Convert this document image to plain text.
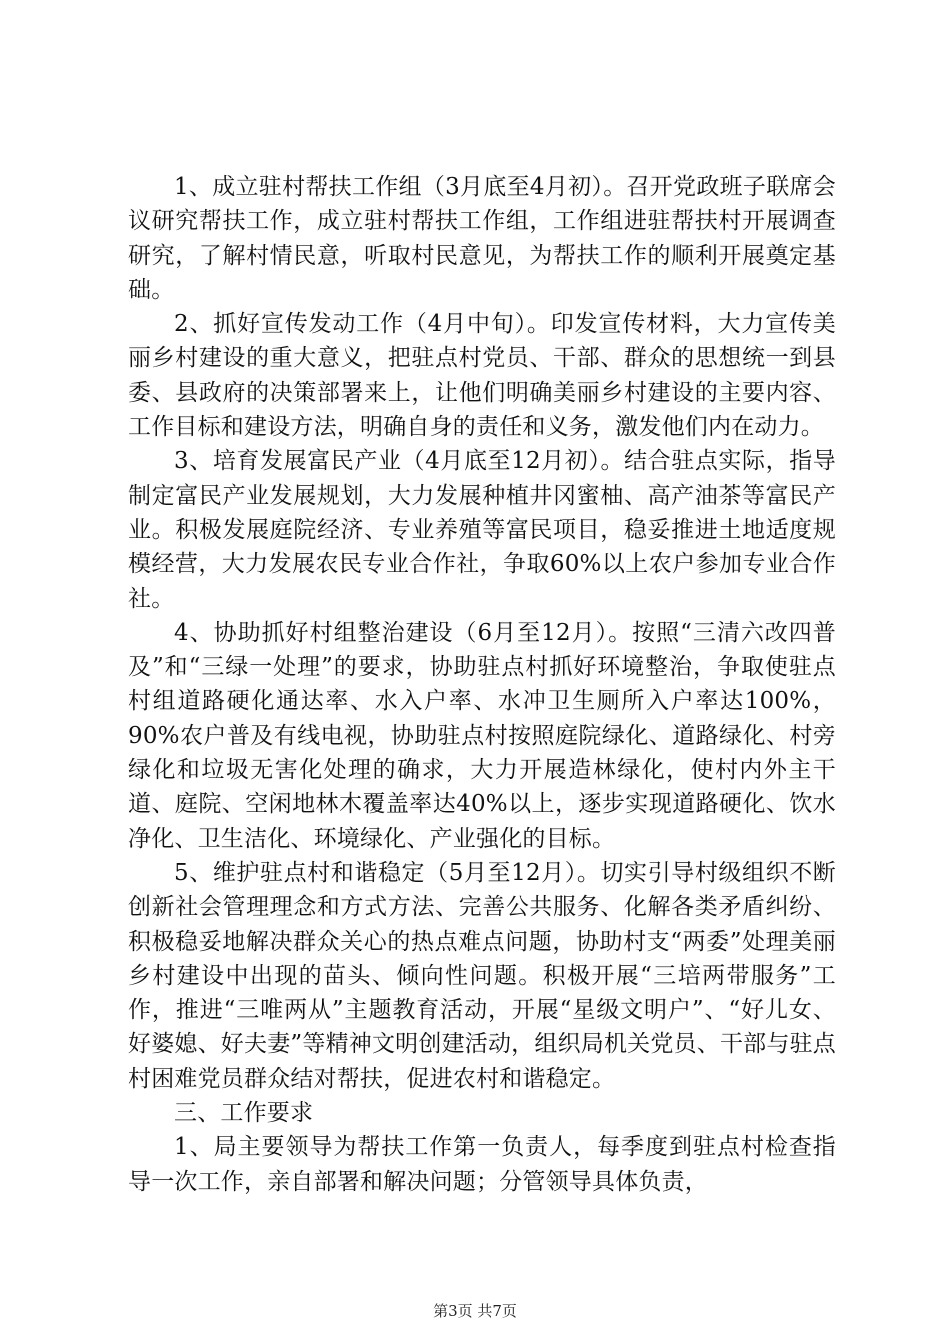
1、成立驻村帮扶工作组（3月底至4月初）。召开党政班子联席会议研究帮扶工作，成立驻村帮扶工作组，工作组进驻帮扶村开展调查研究，了解村情民意，听取村民意见，为帮扶工作的顺利开展奠定基础。

2、抓好宣传发动工作（4月中旬）。印发宣传材料，大力宣传美丽乡村建设的重大意义，把驻点村党员、干部、群众的思想统一到县委、县政府的决策部署来上，让他们明确美丽乡村建设的主要内容、工作目标和建设方法，明确自身的责任和义务，激发他们内在动力。

3、培育发展富民产业（4月底至12月初）。结合驻点实际，指导制定富民产业发展规划，大力发展种植井冈蜜柚、高产油茶等富民产业。积极发展庭院经济、专业养殖等富民项目，稳妥推进土地适度规模经营，大力发展农民专业合作社，争取60%以上农户参加专业合作社。

4、协助抓好村组整治建设（6月至12月）。按照“三清六改四普及”和“三绿一处理”的要求，协助驻点村抓好环境整治，争取使驻点村组道路硬化通达率、水入户率、水冲卫生厕所入户率达100%，90%农户普及有线电视，协助驻点村按照庭院绿化、道路绿化、村旁绿化和垃圾无害化处理的确求，大力开展造林绿化，使村内外主干道、庭院、空闲地林木覆盖率达40%以上，逐步实现道路硬化、饮水净化、卫生洁化、环境绿化、产业强化的目标。

5、维护驻点村和谐稳定（5月至12月）。切实引导村级组织不断创新社会管理理念和方式方法、完善公共服务、化解各类矛盾纠纷、积极稳妥地解决群众关心的热点难点问题，协助村支“两委”处理美丽乡村建设中出现的苗头、倾向性问题。积极开展“三培两带服务”工作，推进“三唯两从”主题教育活动，开展“星级文明户”、“好儿女、好婆媳、好夫妻”等精神文明创建活动，组织局机关党员、干部与驻点村困难党员群众结对帮扶，促进农村和谐稳定。

三、工作要求

1、局主要领导为帮扶工作第一负责人，每季度到驻点村检查指导一次工作，亲自部署和解决问题；分管领导具体负责，

第3页 共7页
